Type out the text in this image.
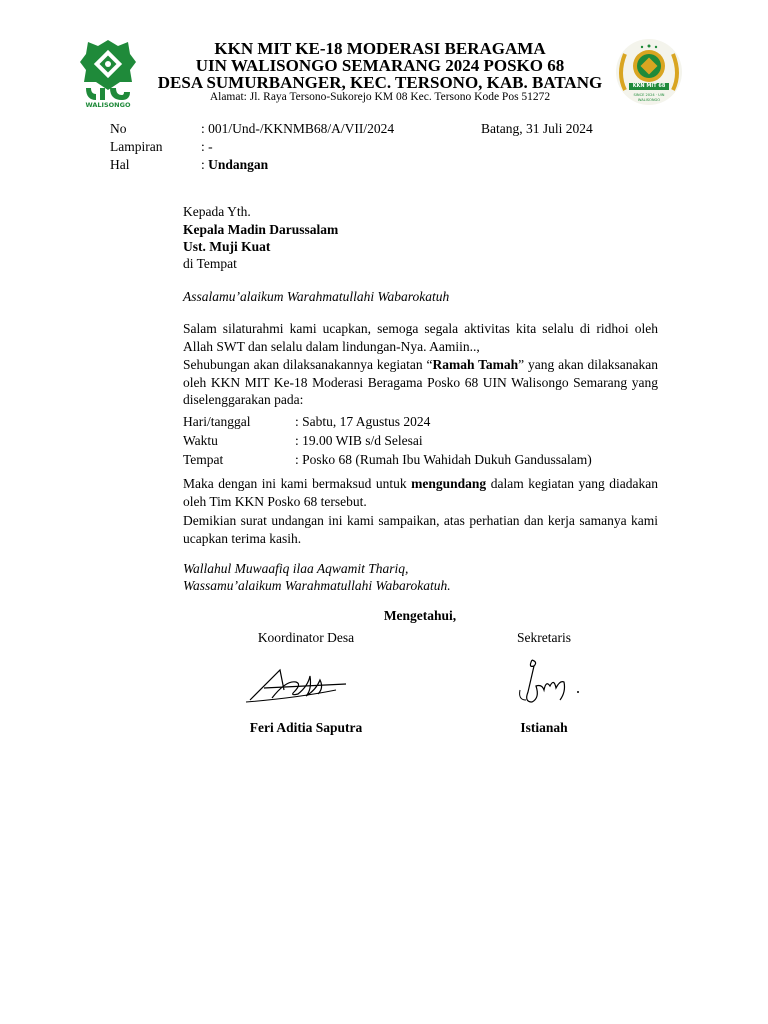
WALISONGO
KKN MIT KE-18 MODERASI BERAGAMA
UIN WALISONGO SEMARANG 2024 POSKO 68
DESA SUMURBANGER, KEC. TERSONO, KAB. BATANG
Alamat: Jl. Raya Tersono-Sukorejo KM 08 Kec. Tersono Kode Pos 51272
KKN MIT 68
SINCE 2024 · UIN WALISONGO
No	: 001/Und-/KKNMB68/A/VII/2024	Batang, 31 Juli 2024
Lampiran	: -
Hal	: Undangan
Kepada Yth.
Kepala Madin Darussalam
Ust. Muji Kuat
di Tempat
Assalamu’alaikum Warahmatullahi Wabarokatuh
Salam silaturahmi kami ucapkan, semoga segala aktivitas kita selalu di ridhoi oleh Allah SWT dan selalu dalam lindungan-Nya. Aamiin..,
Sehubungan akan dilaksanakannya kegiatan “Ramah Tamah” yang akan dilaksanakan oleh KKN MIT Ke-18 Moderasi Beragama Posko 68 UIN Walisongo Semarang yang diselenggarakan pada:
Hari/tanggal	: Sabtu, 17 Agustus 2024
Waktu	: 19.00 WIB s/d Selesai
Tempat	: Posko 68 (Rumah Ibu Wahidah Dukuh Gandussalam)
Maka dengan ini kami bermaksud untuk mengundang dalam kegiatan yang diadakan oleh Tim KKN Posko 68 tersebut.
Demikian surat undangan ini kami sampaikan, atas perhatian dan kerja samanya kami ucapkan terima kasih.
Wallahul Muwaafiq ilaa Aqwamit Thariq,
Wassamu’alaikum Warahmatullahi Wabarokatuh.
Mengetahui,
Koordinator Desa	Sekretaris
Feri Aditia Saputra	Istianah
